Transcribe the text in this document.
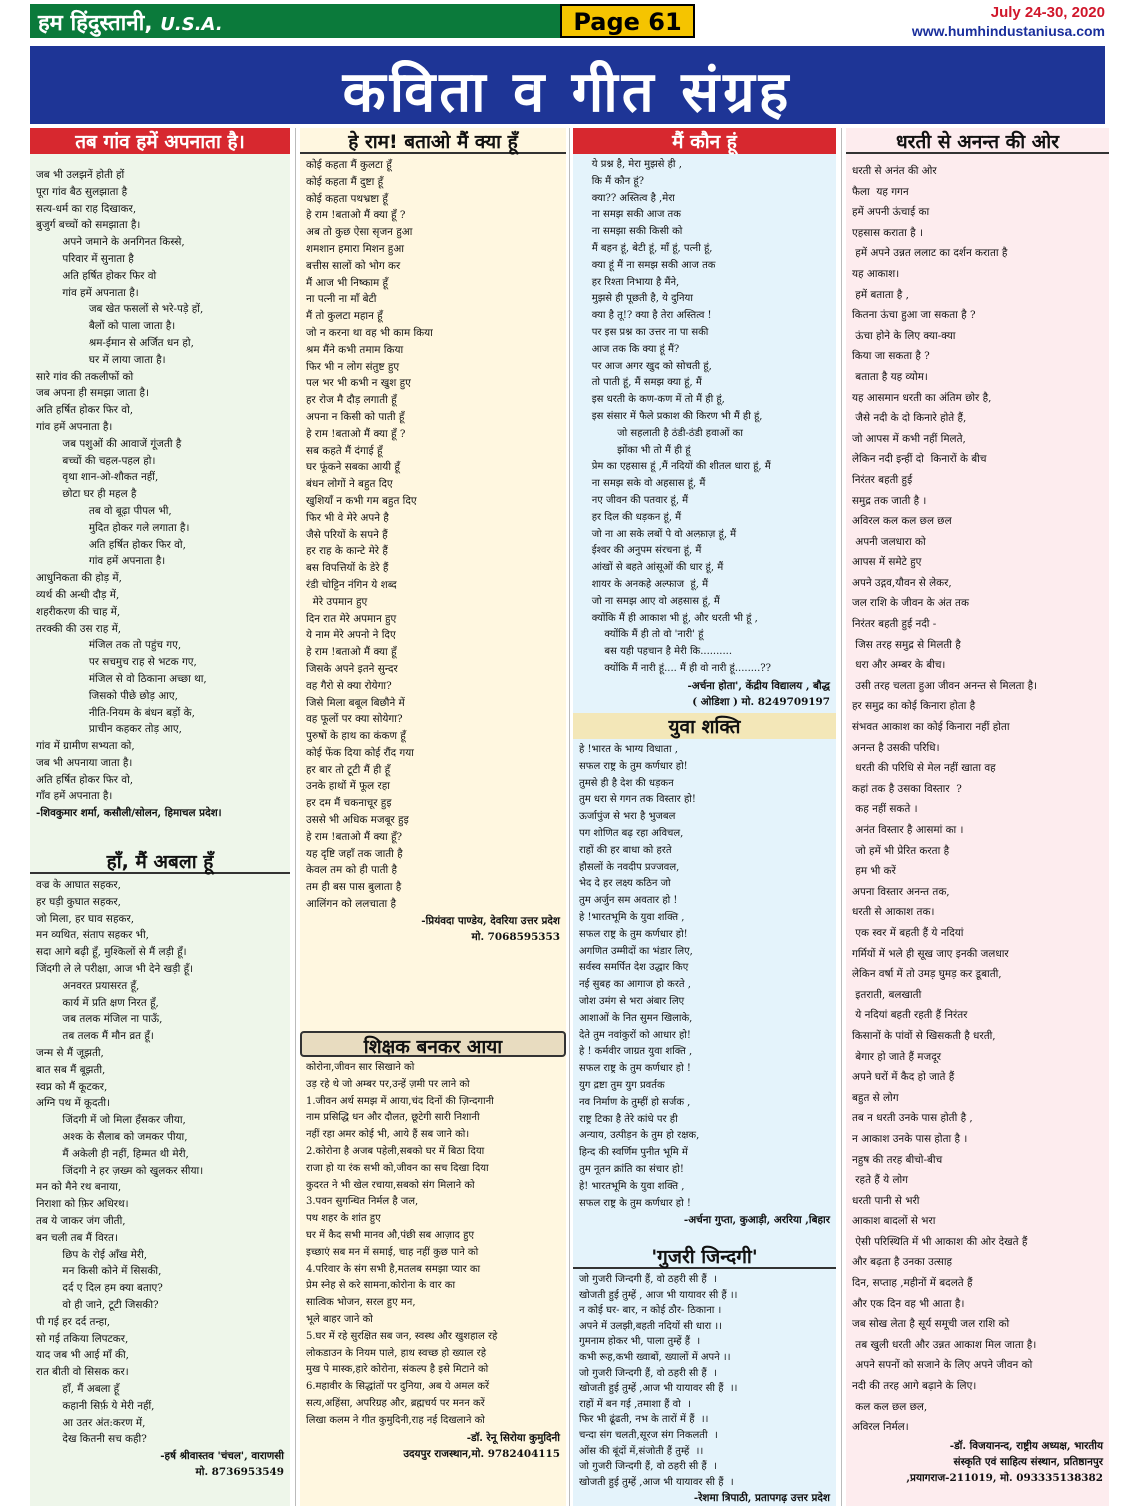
हम हिंदुस्तानी, U.S.A.	Page 61	July 24-30, 2020
www.humhindustaniusa.com
कविता व गीत संग्रह
तब गांव हमें अपनाता है।
जब भी उलझनें होती हों
पूरा गांव बैठ सुलझाता है
सत्य-धर्म का राह दिखाकर,
बुजुर्ग बच्चों को समझाता है।
अपने जमाने के अनगिनत किस्से,
परिवार में सुनाता है
अति हर्षित होकर फिर वो
गांव हमें अपनाता है।
जब खेत फसलों से भरे-पड़े हों,
बैलों को पाला जाता है।
श्रम-ईमान से अर्जित धन हो,
घर में लाया जाता है।
सारे गांव की तकलीफों को
जब अपना ही समझा जाता है।
अति हर्षित होकर फिर वो,
गांव हमें अपनाता है।
जब पशुओं की आवाजें गूंजती है
बच्चों की चहल-पहल हो।
वृथा शान-ओ-शौकत नहीं,
छोटा घर ही महल है
तब वो बूढ़ा पीपल भी,
मुदित होकर गले लगाता है।
अति हर्षित होकर फिर वो,
गांव हमें अपनाता है।
आधुनिकता की होड़ में,
व्यर्थ की अन्धी दौड़ में,
शहरीकरण की चाह में,
तरक्की की उस राह में,
मंजिल तक तो पहुंच गए,
पर सचमुच राह से भटक गए,
मंजिल से वो ठिकाना अच्छा था,
जिसको पीछे छोड़ आए,
नीति-नियम के बंधन बड़ों के,
प्राचीन कहकर तोड़ आए,
गांव में ग्रामीण सभ्यता को,
जब भी अपनाया जाता है।
अति हर्षित होकर फिर वो,
गाँव हमें अपनाता है।
-शिवकुमार शर्मा, कसौली/सोलन, हिमाचल प्रदेश।
हाँ, मैं अबला हूँ
वज्र के आघात सहकर,
हर घड़ी कुघात सहकर,
जो मिला, हर घाव सहकर,
मन व्यथित, संताप सहकर भी,
सदा आगे बढ़ी हूँ, मुश्किलों से मैं लड़ी हूँ।
जिंदगी ले ले परीक्षा, आज भी देने खड़ी हूँ।
अनवरत प्रयासरत हूँ,
कार्य में प्रति क्षण निरत हूँ,
जब तलक मंजिल ना पाऊँ,
तब तलक मैं मौन व्रत हूँ।
जन्म से मैं जूझती,
बात सब मैं बूझती,
स्वप्न को मैं कूटकर,
अग्नि पथ में कूदती।
जिंदगी में जो मिला हँसकर जीया,
अश्क के सैलाब को जमकर पीया,
मैं अकेली ही नहीं, हिम्मत थी मेरी,
जिंदगी ने हर ज़ख्म को खुलकर सीया।
मन को मैने रथ बनाया,
निराशा को फ़िर अधिरथ।
तब ये जाकर जंग जीती,
बन चली तब मैं विरत।
छिप के रोई आँख मेरी,
मन किसी कोने में सिसकी,
दर्द ए दिल हम क्या बताए?
वो ही जाने, टूटी जिसकी?
पी गई हर दर्द तन्हा,
सो गई तकिया लिपटकर,
याद जब भी आई माँ की,
रात बीती वो सिसक कर।
हाँ, मैं अबला हूँ
कहानी सिर्फ़ ये मेरी नहीं,
आ उतर अंत:करण में,
देख कितनी सच कही?
-हर्ष श्रीवास्तव 'चंचल', वाराणसी
मो. 8736953549
हे राम! बताओ मैं क्या हूँ
कोई कहता मैं कुलटा हूँ
कोई कहता मैं दुष्टा हूँ
कोई कहता पथभ्रष्टा हूँ
हे राम !बताओ मैं क्या हूँ ?
अब तो कुछ ऐसा सृजन हुआ
शमशान हमारा मिशन हुआ
बत्तीस सालों को भोग कर
मैं आज भी निष्काम हूँ
ना पत्नी ना माँ बेटी
मैं तो कुलटा महान हूँ
जो न करना था वह भी काम किया
श्रम मैंने कभी तमाम किया
फिर भी न लोग संतुष्ट हुए
पल भर भी कभी न खुश हुए
हर रोज मै दौड़ लगाती हूँ
अपना न किसी को पाती हूँ
हे राम !बताओ मैं क्या हूँ ?
सब कहते मैं दंगाई हूँ
घर फूंकने सबका आयी हूँ
बंधन लोगों ने बहुत दिए
खुशियाँ न कभी गम बहुत दिए
फिर भी वे मेरे अपने है
जैसे परियों के सपने हैं
हर राह के कान्टे मेरे हैं
बस विपत्तियों के डेरे हैं
रंडी चोट्टिन नंगिन ये शब्द
मेरे उपमान हुए
दिन रात मेरे अपमान हुए
ये नाम मेरे अपनो ने दिए
हे राम !बताओ मैं क्या हूँ
जिसके अपने इतने सुन्दर
वह गैरो से क्या रोयेगा?
जिसे मिला बबूल बिछौने में
वह फूलों पर क्या सोयेगा?
पुरुषों के हाथ का कंकण हूँ
कोई फेंक दिया कोई रौंद गया
हर बार तो टूटी मैं ही हूँ
उनके हाथों में फूल रहा
हर दम मैं चकनाचूर हुइ
उससे भी अधिक मजबूर हुइ
हे राम !बताओ मैं क्या हूँ?
यह दृष्टि जहाँ तक जाती है
केवल तम को ही पाती है
तम ही बस पास बुलाता है
आलिंगन को ललचाता है
-प्रियंवदा पाण्डेय, देवरिया उत्तर प्रदेश
मो. 7068595353
शिक्षक बनकर आया
कोरोना,जीवन सार सिखाने को
उड़ रहे थे जो अम्बर पर,उन्हें ज़मी पर लाने को
1.जीवन अर्थ समझ में आया,चंद दिनों की ज़िन्दगानी
नाम प्रसिद्धि धन और दौलत, छूटेगी सारी निशानी
नहीं रहा अमर कोई भी, आये हैं सब जाने को।
2.कोरोना है अजब पहेली,सबको घर में बिठा दिया
राजा हो या रंक सभी को,जीवन का सच दिखा दिया
कुदरत ने भी खेल रचाया,सबको संग मिलाने को
3.पवन सुगन्धित निर्मल है जल,
पथ शहर के शांत हुए
घर में कैद सभी मानव औ,पंछी सब आज़ाद हुए
इच्छाएं सब मन में समाई, चाह नहीं कुछ पाने को
4.परिवार के संग सभी है,मतलब समझा प्यार का
प्रेम स्नेह से करे सामना,कोरोना के वार का
सात्विक भोजन, सरल हुए मन,
भूले बाहर जाने को
5.घर में रहे सुरक्षित सब जन, स्वस्थ और खुशहाल रहे
लोकडाउन के नियम पाले, हाथ स्वच्छ हो ख्याल रहे
मुख पे मास्क,हारे कोरोना, संकल्प है इसे मिटाने को
6.महावीर के सिद्धांतों पर दुनिया, अब ये अमल करें
सत्य,अहिंसा, अपरिग्रह और, ब्रह्मचर्य पर मनन करें
लिखा कलम ने गीत कुमुदिनी,राह नई दिखलाने को
-डॉ. रेनू सिरोया कुमुदिनी
उदयपुर राजस्थान,मो. 9782404115
मैं कौन हूं
ये प्रश्न है, मेरा मुझसे ही ,
कि मैं कौन हूं?
क्या?? अस्तित्व है ,मेरा
ना समझ सकी आज तक
ना समझा सकी किसी को
मैं बहन हूं, बेटी हूं, माँ हूं, पत्नी हूं,
क्या हूं मैं ना समझ सकी आज तक
हर रिश्ता निभाया है मैंने,
मुझसे ही पूछती है, ये दुनिया
क्या है तू!? क्या है तेरा अस्तित्व !
पर इस प्रश्न का उत्तर ना पा सकी
आज तक कि क्या हूं मैं?
पर आज अगर खुद को सोचती हूं,
तो पाती हूं, मैं समझ क्या हूं, मैं
इस धरती के कण-कण में तो मैं ही हूं,
इस संसार में फैले प्रकाश की किरण भी मैं ही हूं,
जो सहलाती है ठंडी-ठंडी हवाओं का
झोंका भी तो मैं ही हूं
प्रेम का एहसास हूं ,मैं नदियों की शीतल धारा हूं, मैं
ना समझ सके वो अहसास हूं, मैं
नए जीवन की पतवार हूं, मैं
हर दिल की धड़कन हूं, मैं
जो ना आ सके लबों पे वो अल्फ़ाज़ हूं, मैं
ईश्वर की अनुपम संरचना हूं, मैं
आंखों से बहते आंसूओं की धार हूं, मैं
शायर के अनकहे अल्फाज  हूं, मैं
जो ना समझ आए वो अहसास हूं, मैं
क्योंकि मैं ही आकाश भी हूं, और धरती भी हूं ,
क्योंकि मैं ही तो वो 'नारी' हूं
बस यही पहचान है मेरी कि..........
क्योंकि मैं नारी हूं.... मैं ही वो नारी हूं........??
-अर्चना होता', केंद्रीय विद्यालय , बौद्ध
( ओडिशा ) मो. 8249709197
युवा शक्ति
हे !भारत के भाग्य विधाता ,
सफल राष्ट्र के तुम कर्णधार हो!
तुमसे ही है देश की धड़कन
तुम धरा से गगन तक विस्तार हो!
ऊर्जापुंज से भरा है भुजबल
पग शोणित बढ़ रहा अविचल,
राहों की हर बाधा को हरते
हौसलों के नवदीप प्रज्जवल,
भेद दे हर लक्ष्य कठिन जो
तुम अर्जुन सम अवतार हो !
हे !भारतभूमि के युवा शक्ति ,
सफल राष्ट्र के तुम कर्णधार हो!
अगणित उम्मीदों का भंडार लिए,
सर्वस्व समर्पित देश उद्धार किए
नई सुबह का आगाज हो करते ,
जोश उमंग से भरा अंबार लिए
आशाओं के नित सुमन खिलाके,
देते तुम नवांकुरों को आधार हो!
हे ! कर्मवीर जाग्रत युवा शक्ति ,
सफल राष्ट्र के तुम कर्णधार हो !
युग द्रष्टा तुम युग प्रवर्तक
नव निर्माण के तुम्हीं हो सर्जक ,
राष्ट्र टिका है तेरे कांधे पर ही
अन्याय, उत्पीड़न के तुम हो रक्षक,
हिन्द की स्वर्णिम पुनीत भूमि में
तुम नूतन क्रांति का संचार हो!
हे! भारतभूमि के युवा शक्ति ,
सफल राष्ट्र के तुम कर्णधार हो !
-अर्चना गुप्ता, कुआड़ी, अररिया ,बिहार
'गुजरी जिन्दगी'
जो गुजरी जिन्दगी हैं, वो ठहरी सी हैं  ।
खोजती हुई तुम्हें , आज भी यायावर सी हैं ।।
न कोई घर- बार, न कोई ठौर- ठिकाना ।
अपने में उलझी,बहती नदियों सी धारा ।।
गुमनाम होकर भी, पाला तुम्हें हैं  ।
कभी रूह,कभी ख्वाबों, ख्यालों में अपने ।।
जो गुजरी जिन्दगी हैं, वो ठहरी सी हैं  ।
खोजती हुई तुम्हें ,आज भी यायावर सी हैं  ।।
राहों में बन गई ,तमाशा हैं वो  ।
फिर भी ढूंढती, नभ के तारों में हैं  ।।
चन्दा संग चलती,सूरज संग निकलती  ।
ओंस की बूंदों में,संजोती हैं तुम्हें  ।।
जो गुजरी जिन्दगी हैं, वो ठहरी सी हैं  ।
खोजती हुई तुम्हें ,आज भी यायावर सी हैं  ।
-रेशमा त्रिपाठी, प्रतापगढ़ उत्तर प्रदेश
धरती से अनन्त की ओर
धरती से अनंत की ओर
फैला  यह गगन
हमें अपनी ऊंचाई का
एहसास कराता है ।
हमें अपने उन्नत ललाट का दर्शन कराता है
यह आकाश।
हमें बताता है ,
कितना ऊंचा हुआ जा सकता है ?
ऊंचा होने के लिए क्या-क्या
किया जा सकता है ?
बताता है यह व्योम।
यह आसमान धरती का अंतिम छोर है,
जैसे नदी के दो किनारे होते हैं,
जो आपस में कभी नहीं मिलते,
लेकिन नदी इन्हीं दो  किनारों के बीच
निरंतर बहती हुई
समुद्र तक जाती है ।
अविरल कल कल छल छल
अपनी जलधारा को
आपस में समेटे हुए
अपने उद्गव,यौवन से लेकर,
जल राशि के जीवन के अंत तक
निरंतर बहती हुई नदी -
जिस तरह समुद्र से मिलती है
धरा और अम्बर के बीच।
उसी तरह चलता हुआ जीवन अनन्त से मिलता है।
हर समुद्र का कोई किनारा होता है
संभवत आकाश का कोई किनारा नहीं होता
अनन्त है उसकी परिधि।
धरती की परिधि से मेल नहीं खाता वह
कहां तक है उसका विस्तार  ?
कह नहीं सकते ।
अनंत विस्तार है आसमां का ।
जो हमें भी प्रेरित करता है
हम भी करें
अपना विस्तार अनन्त तक,
धरती से आकाश तक।
एक स्वर में बहती हैं ये नदियां
गर्मियों में भले ही सूख जाए इनकी जलधार
लेकिन वर्षा में तो उमड़ घुमड़ कर डूबाती,
इतराती, बलखाती
ये नदियां बहती रहती हैं निरंतर
किसानों के पांवों से खिसकती है धरती,
बेगार हो जाते हैं मजदूर
अपने घरों में कैद हो जाते हैं
बहुत से लोग
तब न धरती उनके पास होती है ,
न आकाश उनके पास होता है ।
नहुष की तरह बीचो-बीच
रहते हैं ये लोग
धरती पानी से भरी
आकाश बादलों से भरा
ऐसी परिस्थिति में भी आकाश की ओर देखते हैं
और बढ़ता है उनका उत्साह
दिन, सप्ताह ,महीनों में बदलते हैं
और एक दिन वह भी आता है।
जब सोख लेता है सूर्य समूची जल राशि को
तब खुली धरती और उन्नत आकाश मिल जाता है।
अपने सपनों को सजाने के लिए अपने जीवन को
नदी की तरह आगे बढ़ाने के लिए।
कल कल छल छल,
अविरल निर्मल।
-डॉ. विजयानन्द, राष्ट्रीय अध्यक्ष, भारतीय
संस्कृति एवं साहित्य संस्थान, प्रतिष्ठानपुर
,प्रयागराज-211019, मो. 093335138382
